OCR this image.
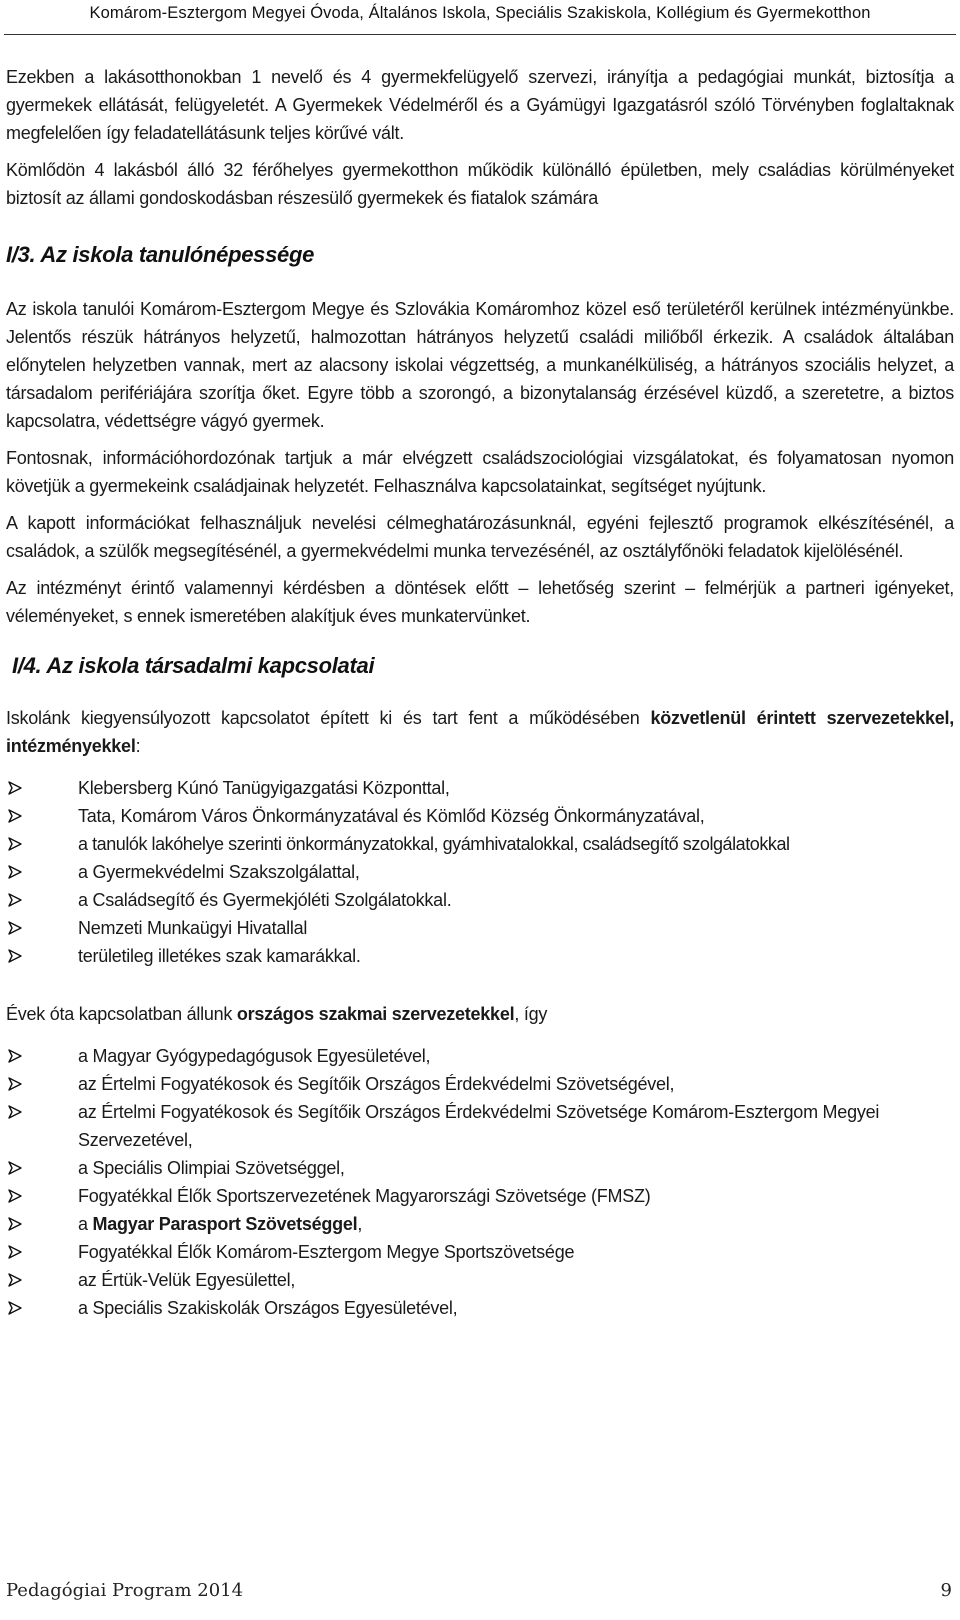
Komárom-Esztergom Megyei Óvoda, Általános Iskola, Speciális Szakiskola, Kollégium és Gyermekotthon

Ezekben a lakásotthonokban 1 nevelő és 4 gyermekfelügyelő szervezi, irányítja a pedagógiai munkát, biztosítja a gyermekek ellátását, felügyeletét. A Gyermekek Védelméről és a Gyámügyi Igazgatásról szóló Törvényben foglaltaknak megfelelően így feladatellátásunk teljes körűvé vált.

Kömlődön 4 lakásból álló 32 férőhelyes gyermekotthon működik különálló épületben, mely családias körülményeket biztosít az állami gondoskodásban részesülő gyermekek és fiatalok számára

I/3. Az iskola tanulónépessége

Az iskola tanulói Komárom-Esztergom Megye és Szlovákia Komáromhoz közel eső területéről kerülnek intézményünkbe. Jelentős részük hátrányos helyzetű, halmozottan hátrányos helyzetű családi miliőből érkezik. A családok általában előnytelen helyzetben vannak, mert az alacsony iskolai végzettség, a munkanélküliség, a hátrányos szociális helyzet, a társadalom perifériájára szorítja őket. Egyre több a szorongó, a bizonytalanság érzésével küzdő, a szeretetre, a biztos kapcsolatra, védettségre vágyó gyermek.

Fontosnak, információhordozónak tartjuk a már elvégzett családszociológiai vizsgálatokat, és folyamatosan nyomon követjük a gyermekeink családjainak helyzetét. Felhasználva kapcsolatainkat, segítséget nyújtunk.

A kapott információkat felhasználjuk nevelési célmeghatározásunknál, egyéni fejlesztő programok elkészítésénél, a családok, a szülők megsegítésénél, a gyermekvédelmi munka tervezésénél, az osztályfőnöki feladatok kijelölésénél.

Az intézményt érintő valamennyi kérdésben a döntések előtt – lehetőség szerint – felmérjük a partneri igényeket, véleményeket, s ennek ismeretében alakítjuk éves munkatervünket.

I/4. Az iskola társadalmi kapcsolatai

Iskolánk kiegyensúlyozott kapcsolatot épített ki és tart fent a működésében közvetlenül érintett szervezetekkel, intézményekkel:

Klebersberg Kúnó Tanügyigazgatási Központtal,
Tata, Komárom Város Önkormányzatával és Kömlőd Község Önkormányzatával,
a tanulók lakóhelye szerinti önkormányzatokkal, gyámhivatalokkal, családsegítő szolgálatokkal
a Gyermekvédelmi Szakszolgálattal,
a Családsegítő és Gyermekjóléti Szolgálatokkal.
Nemzeti Munkaügyi Hivatallal
területileg illetékes szak kamarákkal.

Évek óta kapcsolatban állunk országos szakmai szervezetekkel, így

a Magyar Gyógypedagógusok Egyesületével,
az Értelmi Fogyatékosok és Segítőik Országos Érdekvédelmi Szövetségével,
az Értelmi Fogyatékosok és Segítőik Országos Érdekvédelmi Szövetsége Komárom-Esztergom Megyei Szervezetével,
a Speciális Olimpiai Szövetséggel,
Fogyatékkal Élők Sportszervezetének Magyarországi Szövetsége (FMSZ)
a Magyar Parasport Szövetséggel,
Fogyatékkal Élők Komárom-Esztergom Megye Sportszövetsége
az Értük-Velük Egyesülettel,
a Speciális Szakiskolák Országos Egyesületével,
Pedagógiai Program 2014	9
